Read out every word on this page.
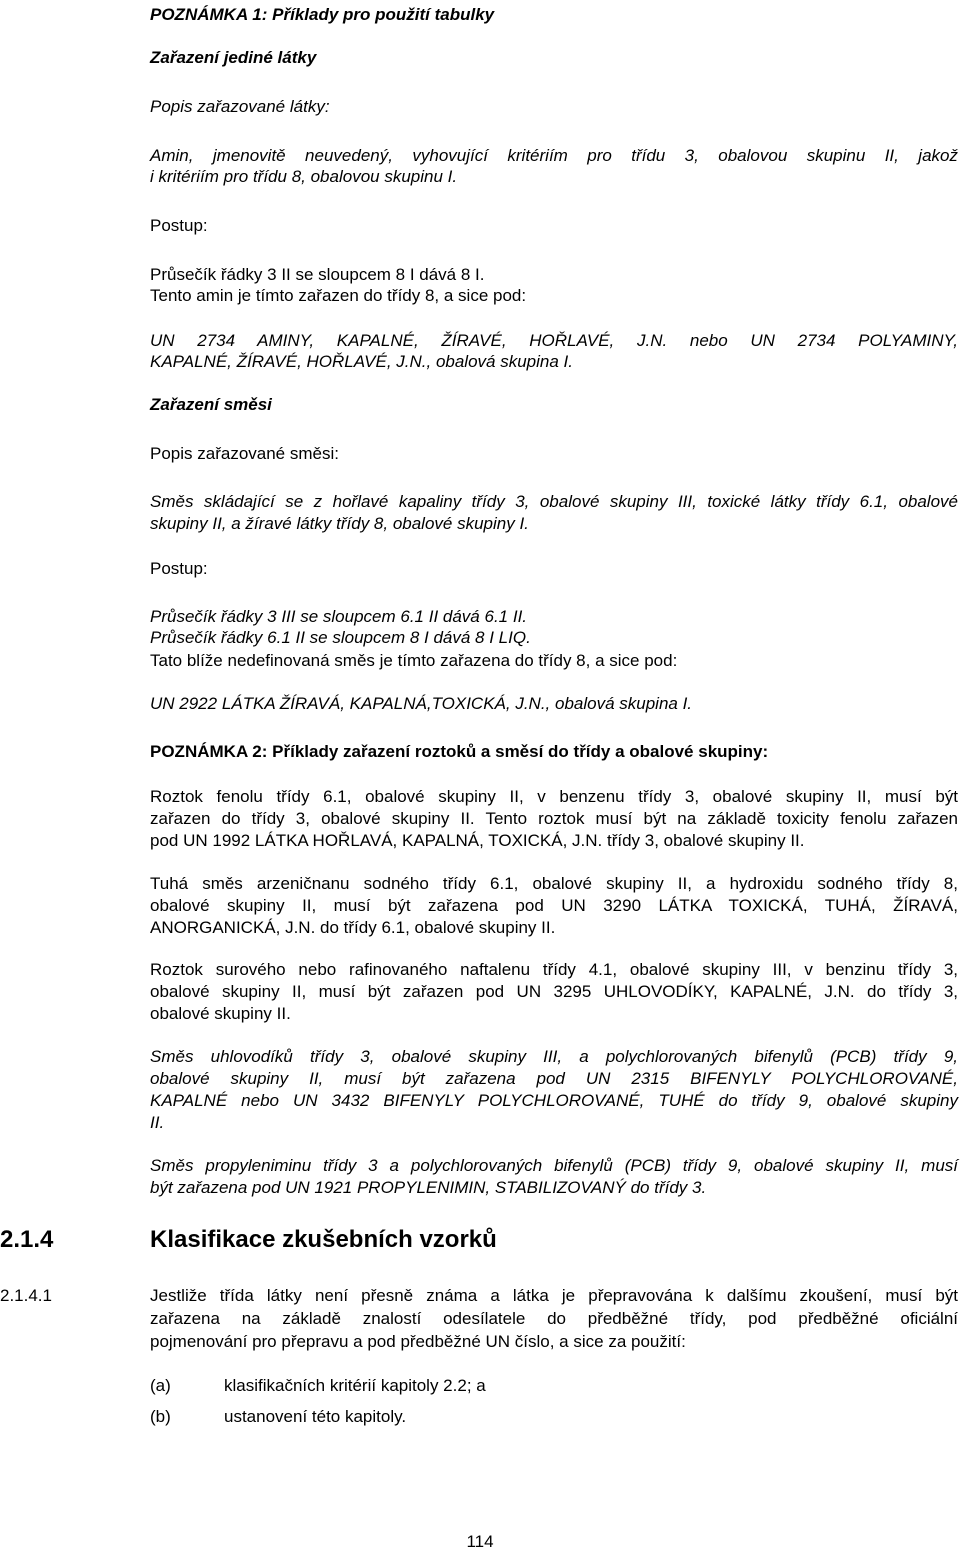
POZNÁMKA 1: Příklady pro použití tabulky

Zařazení jediné látky

Popis zařazované látky:

Amin, jmenovitě neuvedený, vyhovující kritériím pro třídu 3, obalovou skupinu II, jakož

i kritériím pro třídu 8, obalovou skupinu I.

Postup:

Průsečík řádky 3 II se sloupcem 8 I dává 8 I.

Tento amin je tímto zařazen do třídy 8, a sice pod:

UN 2734 AMINY, KAPALNÉ, ŽÍRAVÉ, HOŘLAVÉ, J.N. nebo UN 2734 POLYAMINY,

KAPALNÉ, ŽÍRAVÉ, HOŘLAVÉ, J.N., obalová skupina I.

Zařazení směsi

Popis zařazované směsi:

Směs skládající se z hořlavé kapaliny třídy 3, obalové skupiny III, toxické látky třídy 6.1, obalové

skupiny II, a žíravé látky třídy 8, obalové skupiny I.

Postup:

Průsečík řádky 3 III se sloupcem 6.1 II dává 6.1 II.

Průsečík řádky 6.1 II se sloupcem 8 I dává 8 I LIQ.

Tato blíže nedefinovaná směs je tímto zařazena do třídy 8, a sice pod:

UN 2922 LÁTKA ŽÍRAVÁ, KAPALNÁ,TOXICKÁ, J.N., obalová skupina I.

POZNÁMKA 2: Příklady zařazení roztoků a směsí do třídy a obalové skupiny:

Roztok fenolu třídy 6.1, obalové skupiny II, v benzenu třídy 3, obalové skupiny II, musí být

zařazen do třídy 3, obalové skupiny II. Tento roztok musí být na základě toxicity fenolu zařazen

pod UN 1992 LÁTKA HOŘLAVÁ, KAPALNÁ, TOXICKÁ, J.N. třídy 3, obalové skupiny II.

Tuhá směs arzeničnanu sodného třídy 6.1, obalové skupiny II, a hydroxidu sodného třídy 8,

obalové skupiny II, musí být zařazena pod UN 3290 LÁTKA TOXICKÁ, TUHÁ, ŽÍRAVÁ,

ANORGANICKÁ, J.N. do třídy 6.1, obalové skupiny II.

Roztok surového nebo rafinovaného naftalenu třídy 4.1, obalové skupiny III, v benzinu třídy 3,

obalové skupiny II, musí být zařazen pod UN 3295 UHLOVODÍKY, KAPALNÉ, J.N. do třídy 3,

obalové skupiny II.

Směs uhlovodíků třídy 3, obalové skupiny III, a polychlorovaných bifenylů (PCB) třídy 9,

obalové skupiny II, musí být zařazena pod UN 2315 BIFENYLY POLYCHLOROVANÉ,

KAPALNÉ nebo UN 3432 BIFENYLY POLYCHLOROVANÉ, TUHÉ do třídy 9, obalové skupiny

II.

Směs propyleniminu třídy 3 a polychlorovaných bifenylů (PCB) třídy 9, obalové skupiny II, musí

být zařazena pod UN 1921 PROPYLENIMIN, STABILIZOVANÝ do třídy 3.

2.1.4	Klasifikace zkušebních vzorků

2.1.4.1	Jestliže třída látky není přesně známa a látka je přepravována k dalšímu zkoušení, musí být

zařazena na základě znalostí odesílatele do předběžné třídy, pod předběžné oficiální

pojmenování pro přepravu a pod předběžné UN číslo, a sice za použití:

(a)	klasifikačních kritérií kapitoly 2.2; a

(b)	ustanovení této kapitoly.

114
